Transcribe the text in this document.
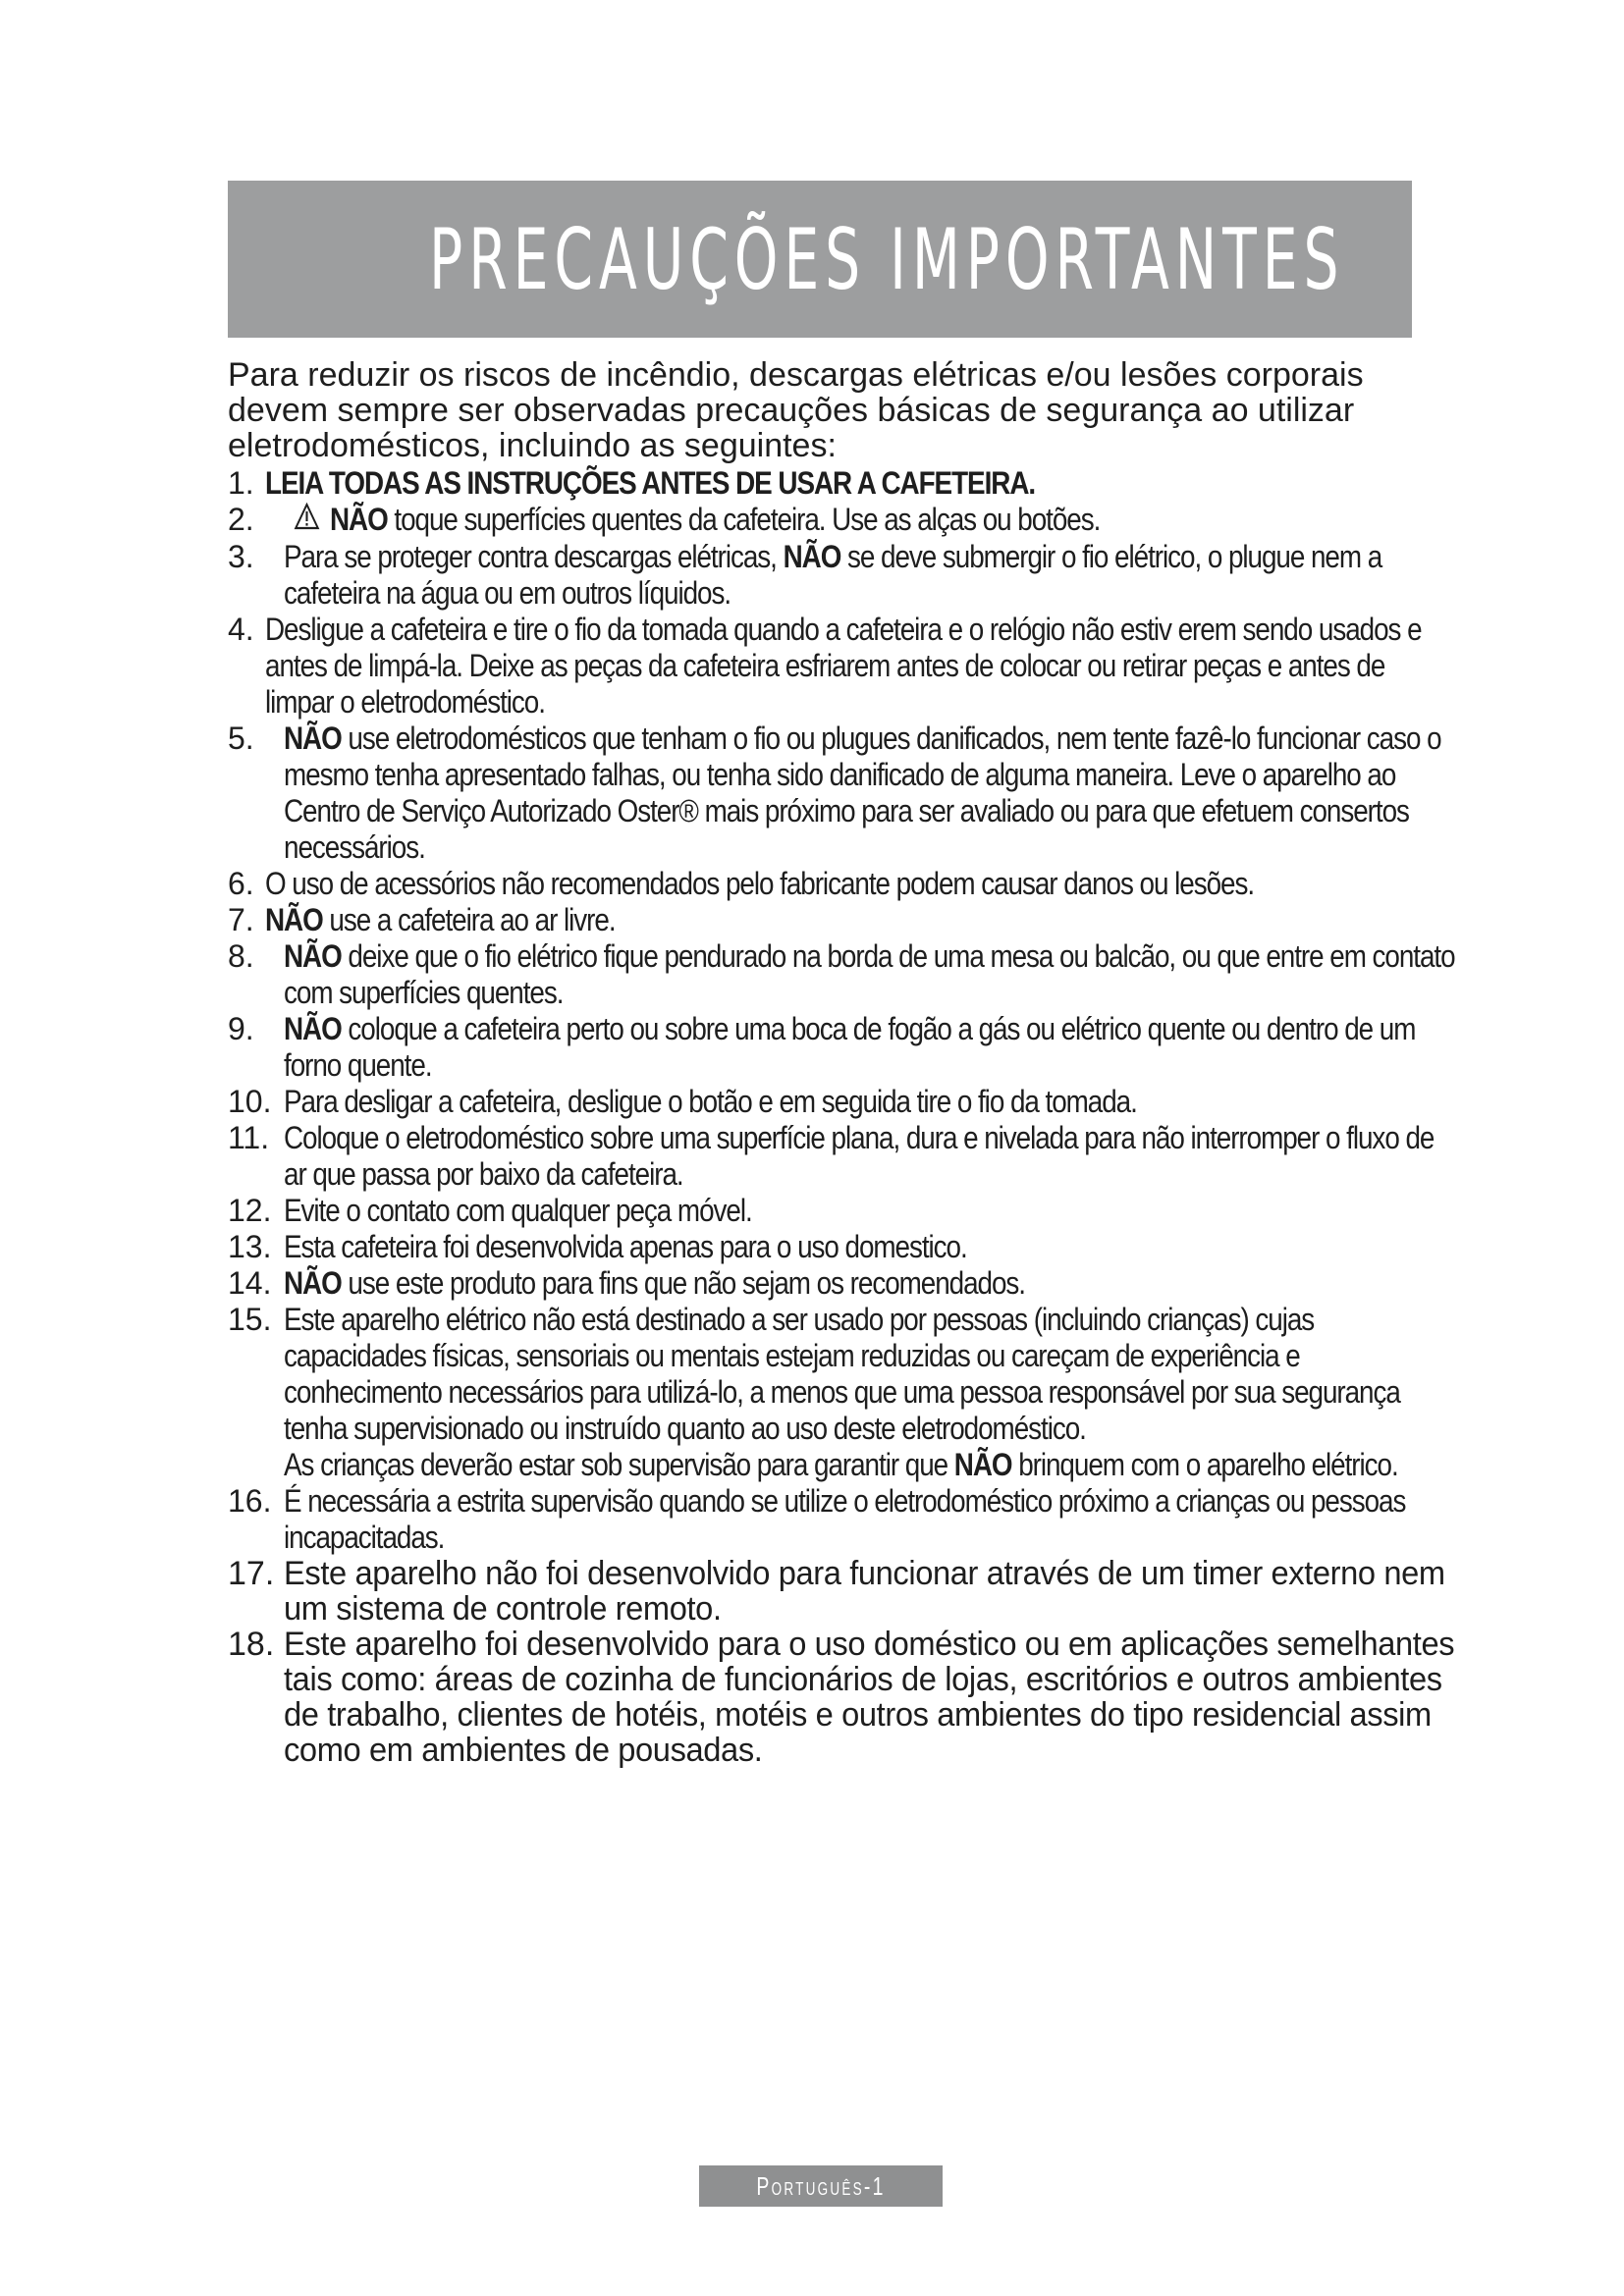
PRECAUÇÕES IMPORTANTES

Para reduzir os riscos de incêndio, descargas elétricas e/ou lesões corporais

devem sempre ser observadas precauções básicas de segurança ao utilizar

eletrodomésticos, incluindo as seguintes:

1. LEIA TODAS AS INSTRUÇÕES ANTES DE USAR A CAFETEIRA.
2.	NÃO toque superfícies quentes da cafeteira. Use as alças ou botões.
3. Para se proteger contra descargas elétricas, NÃO se deve submergir o fio elétrico, o plugue nem a cafeteira na água ou em outros líquidos.
4. Desligue a cafeteira e tire o fio da tomada quando a cafeteira e o relógio não estiv erem sendo usados e antes de limpá-la. Deixe as peças da cafeteira esfriarem antes de colocar ou retirar peças e antes de limpar o eletrodoméstico.
5. NÃO use eletrodomésticos que tenham o fio ou plugues danificados, nem tente fazê-lo funcionar caso o mesmo tenha apresentado falhas, ou tenha sido danificado de alguma maneira. Leve o aparelho ao Centro de Serviço Autorizado Oster® mais próximo para ser avaliado ou para que efetuem consertos necessários.
6. O uso de acessórios não recomendados pelo fabricante podem causar danos ou lesões.
7. NÃO use a cafeteira ao ar livre.
8. NÃO deixe que o fio elétrico fique pendurado na borda de uma mesa ou balcão, ou que entre em contato com superfícies quentes.
9. NÃO coloque a cafeteira perto ou sobre uma boca de fogão a gás ou elétrico quente ou dentro de um forno quente.
10. Para desligar a cafeteira, desligue o botão e em seguida tire o fio da tomada.
11. Coloque o eletrodoméstico sobre uma superfície plana, dura e nivelada para não interromper o fluxo de ar que passa por baixo da cafeteira.
12. Evite o contato com qualquer peça móvel.
13. Esta cafeteira foi desenvolvida apenas para o uso domestico.
14. NÃO use este produto para fins que não sejam os recomendados.
15. Este aparelho elétrico não está destinado a ser usado por pessoas (incluindo crianças) cujas capacidades físicas, sensoriais ou mentais estejam reduzidas ou careçam de experiência e conhecimento necessários para utilizá-lo, a menos que uma pessoa responsável por sua segurança tenha supervisionado ou instruído quanto ao uso deste eletrodoméstico.
As crianças deverão estar sob supervisão para garantir que NÃO brinquem com o aparelho elétrico.
16. É necessária a estrita supervisão quando se utilize o eletrodoméstico próximo a crianças ou pessoas incapacitadas.
17. Este aparelho não foi desenvolvido para funcionar através de um timer externo nem um sistema de controle remoto.
18. Este aparelho foi desenvolvido para o uso doméstico ou em aplicações semelhantes tais como: áreas de cozinha de funcionários de lojas, escritórios e outros ambientes de trabalho, clientes de hotéis, motéis e outros ambientes do tipo residencial assim como em ambientes de pousadas.
Português-1
